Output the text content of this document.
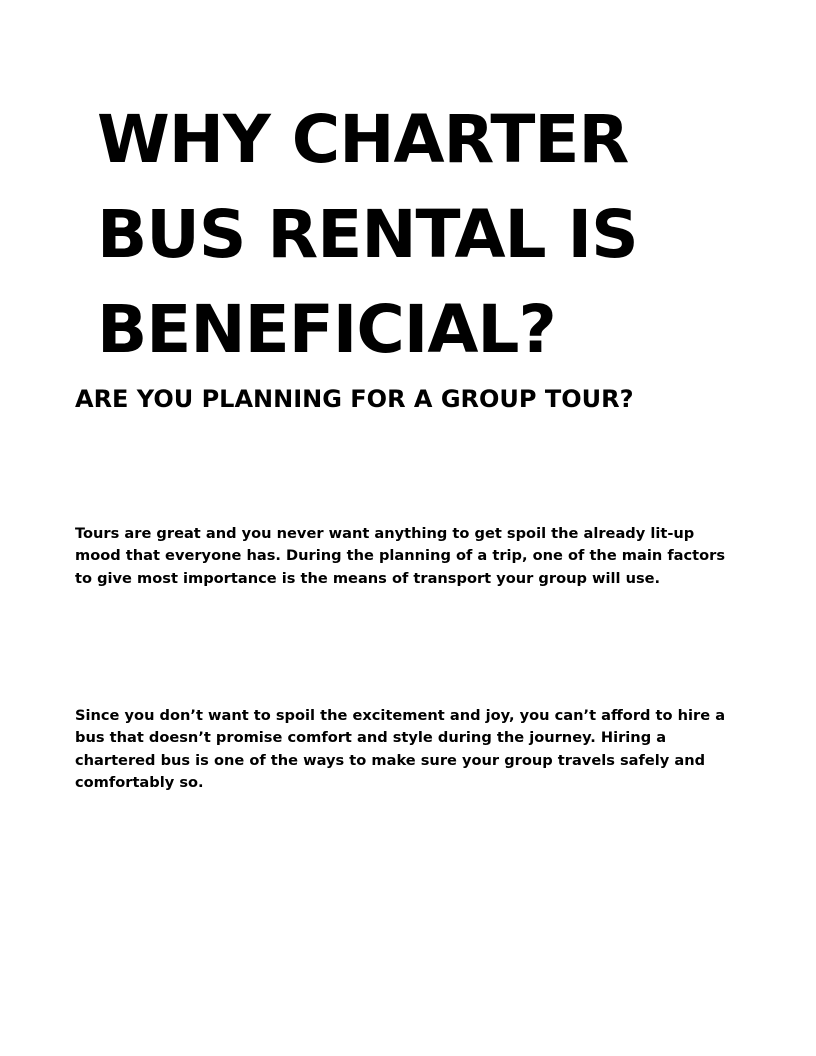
WHY CHARTER
BUS RENTAL IS
BENEFICIAL?
ARE YOU PLANNING FOR A GROUP TOUR?

Tours are great and you never want anything to get spoil the already lit-up
mood that everyone has. During the planning of a trip, one of the main factors
to give most importance is the means of transport your group will use.

Since you don’t want to spoil the excitement and joy, you can’t afford to hire a
bus that doesn’t promise comfort and style during the journey. Hiring a
chartered bus is one of the ways to make sure your group travels safely and
comfortably so.
